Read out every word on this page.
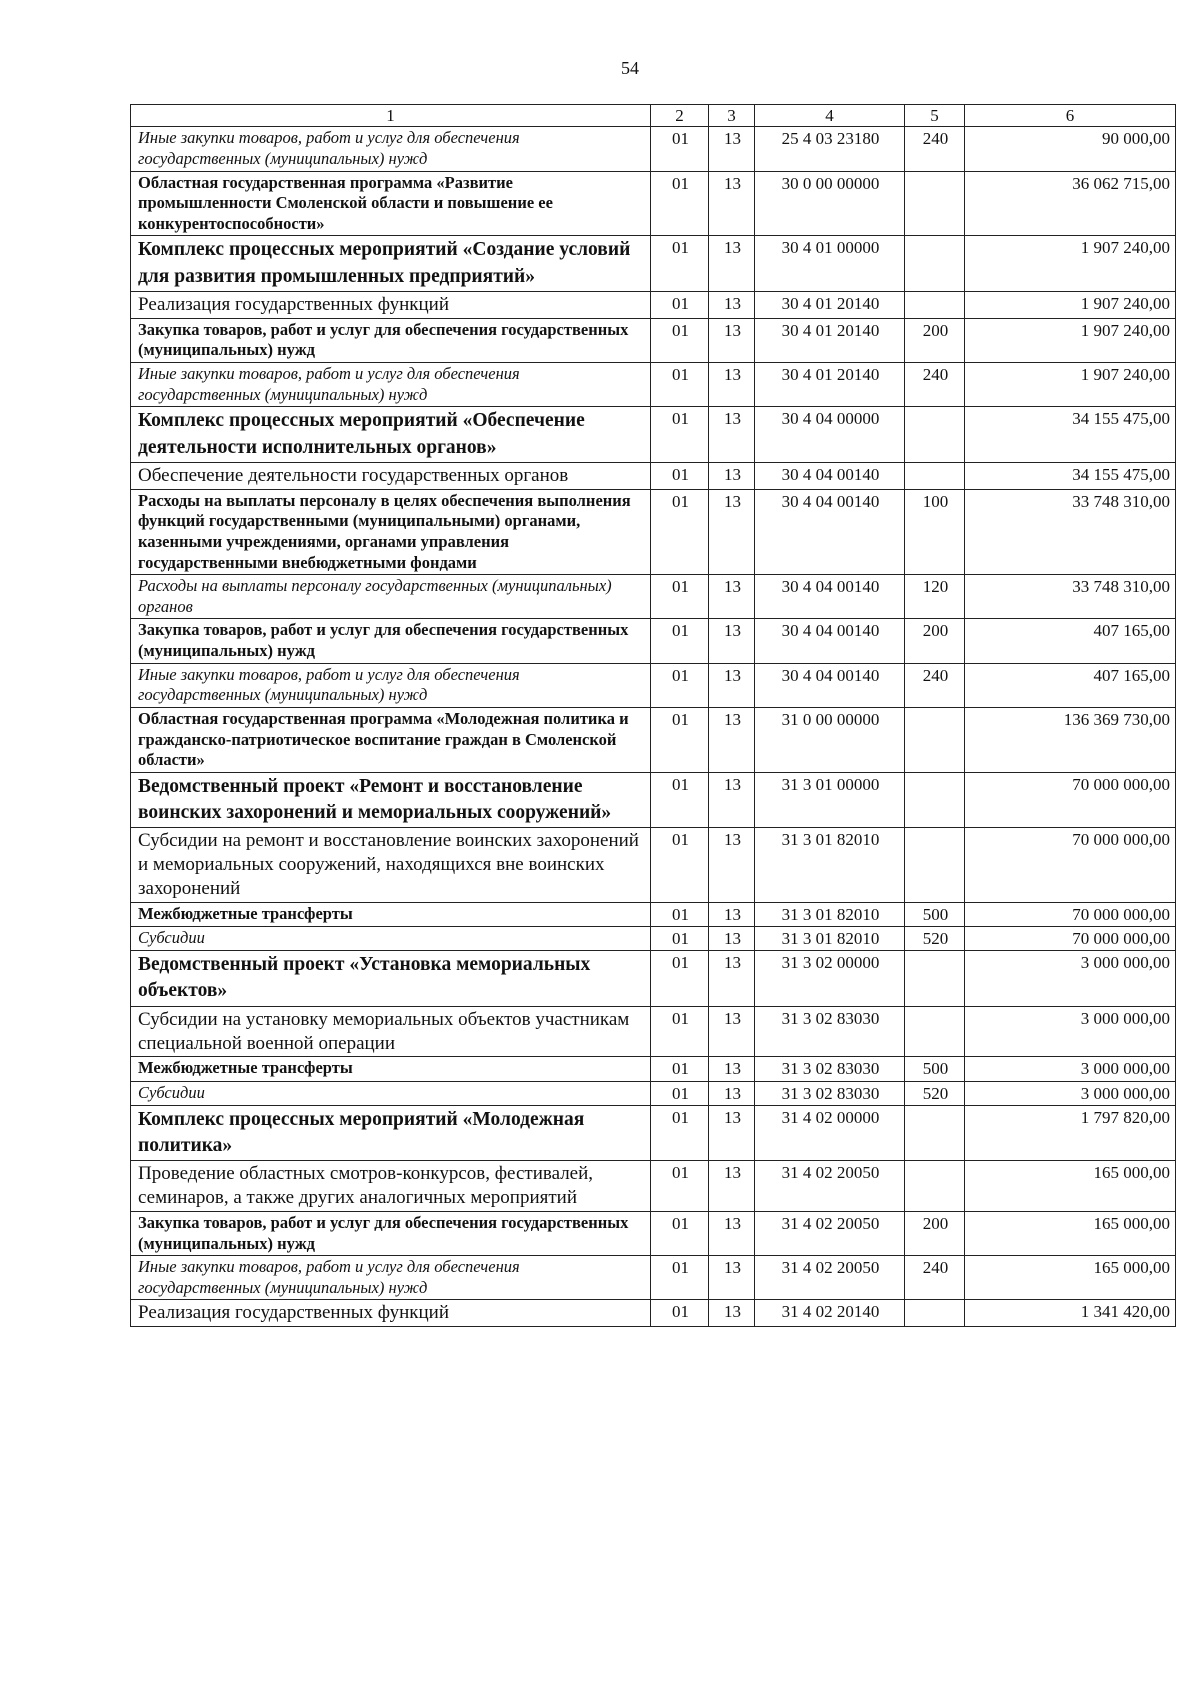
54
1	2	3	4	5	6
Иные закупки товаров, работ и услуг для обеспечения государственных (муниципальных) нужд	01	13	25 4 03 23180	240	90 000,00
Областная государственная программа «Развитие промышленности Смоленской области и повышение ее конкурентоспособности»	01	13	30 0 00 00000		36 062 715,00
Комплекс процессных мероприятий «Создание условий для развития промышленных предприятий»	01	13	30 4 01 00000		1 907 240,00
Реализация государственных функций	01	13	30 4 01 20140		1 907 240,00
Закупка товаров, работ и услуг для обеспечения государственных (муниципальных) нужд	01	13	30 4 01 20140	200	1 907 240,00
Иные закупки товаров, работ и услуг для обеспечения государственных (муниципальных) нужд	01	13	30 4 01 20140	240	1 907 240,00
Комплекс процессных мероприятий «Обеспечение деятельности исполнительных органов»	01	13	30 4 04 00000		34 155 475,00
Обеспечение деятельности государственных органов	01	13	30 4 04 00140		34 155 475,00
Расходы на выплаты персоналу в целях обеспечения выполнения функций государственными (муниципальными) органами, казенными учреждениями, органами управления государственными внебюджетными фондами	01	13	30 4 04 00140	100	33 748 310,00
Расходы на выплаты персоналу государственных (муниципальных) органов	01	13	30 4 04 00140	120	33 748 310,00
Закупка товаров, работ и услуг для обеспечения государственных (муниципальных) нужд	01	13	30 4 04 00140	200	407 165,00
Иные закупки товаров, работ и услуг для обеспечения государственных (муниципальных) нужд	01	13	30 4 04 00140	240	407 165,00
Областная государственная программа «Молодежная политика и гражданско-патриотическое воспитание граждан в Смоленской области»	01	13	31 0 00 00000		136 369 730,00
Ведомственный проект «Ремонт и восстановление воинских захоронений и мемориальных сооружений»	01	13	31 3 01 00000		70 000 000,00
Субсидии на ремонт и восстановление воинских захоронений и мемориальных сооружений, находящихся вне воинских захоронений	01	13	31 3 01 82010		70 000 000,00
Межбюджетные трансферты	01	13	31 3 01 82010	500	70 000 000,00
Субсидии	01	13	31 3 01 82010	520	70 000 000,00
Ведомственный проект «Установка мемориальных объектов»	01	13	31 3 02 00000		3 000 000,00
Субсидии на установку мемориальных объектов участникам специальной военной операции	01	13	31 3 02 83030		3 000 000,00
Межбюджетные трансферты	01	13	31 3 02 83030	500	3 000 000,00
Субсидии	01	13	31 3 02 83030	520	3 000 000,00
Комплекс процессных мероприятий «Молодежная политика»	01	13	31 4 02 00000		1 797 820,00
Проведение областных смотров-конкурсов, фестивалей, семинаров, а также других аналогичных мероприятий	01	13	31 4 02 20050		165 000,00
Закупка товаров, работ и услуг для обеспечения государственных (муниципальных) нужд	01	13	31 4 02 20050	200	165 000,00
Иные закупки товаров, работ и услуг для обеспечения государственных (муниципальных) нужд	01	13	31 4 02 20050	240	165 000,00
Реализация государственных функций	01	13	31 4 02 20140		1 341 420,00
